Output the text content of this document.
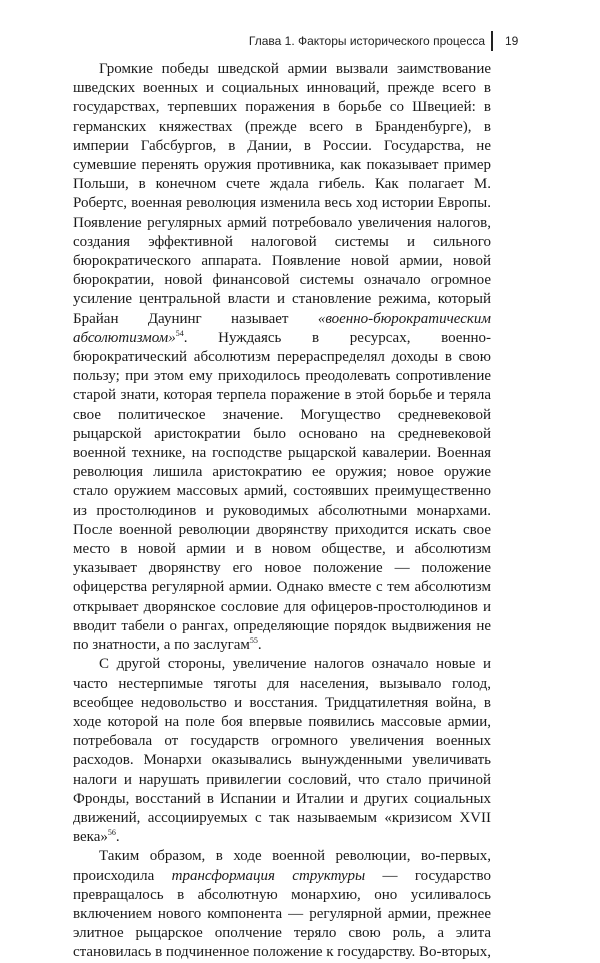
Глава 1. Факторы исторического процесса 19

Громкие победы шведской армии вызвали заимствование шведских военных и социальных инноваций, прежде всего в государствах, терпевших поражения в борьбе со Швецией: в германских княжествах (прежде всего в Бранденбурге), в империи Габсбургов, в Дании, в России. Государства, не сумевшие перенять оружия противника, как показывает пример Польши, в конечном счете ждала гибель. Как полагает М. Робертс, военная революция изменила весь ход истории Европы. Появление регулярных армий потребовало увеличения налогов, создания эффективной налоговой системы и сильного бюрократического аппарата. Появление новой армии, новой бюрократии, новой финансовой системы означало огромное усиление центральной власти и становление режима, который Брайан Даунинг называет «военно-бюрократическим абсолютизмом»$^{54}$. Нуждаясь в ресурсах, военно-бюрократический абсолютизм перераспределял доходы в свою пользу; при этом ему приходилось преодолевать сопротивление старой знати, которая терпела поражение в этой борьбе и теряла свое политическое значение. Могущество средневековой рыцарской аристократии было основано на средневековой военной технике, на господстве рыцарской кавалерии. Военная революция лишила аристократию ее оружия; новое оружие стало оружием массовых армий, состоявших преимущественно из простолюдинов и руководимых абсолютными монархами. После военной революции дворянству приходится искать свое место в новой армии и в новом обществе, и абсолютизм указывает дворянству его новое положение — положение офицерства регулярной армии. Однако вместе с тем абсолютизм открывает дворянское сословие для офицеров-простолюдинов и вводит табели о рангах, определяющие порядок выдвижения не по знатности, а по заслугам$^{55}$.

С другой стороны, увеличение налогов означало новые и часто нестерпимые тяготы для населения, вызывало голод, всеобщее недовольство и восстания. Тридцатилетняя война, в ходе которой на поле боя впервые появились массовые армии, потребовала от государств огромного увеличения военных расходов. Монархи оказывались вынужденными увеличивать налоги и нарушать привилегии сословий, что стало причиной Фронды, восстаний в Испании и Италии и других социальных движений, ассоциируемых с так называемым «кризисом XVII века»$^{56}$.

Таким образом, в ходе военной революции, во-первых, происходила трансформация структуры — государство превращалось в абсолютную монархию, оно усиливалось включением нового компонента — регулярной армии, прежнее элитное рыцарское ополчение теряло свою роль, а элита становилась в подчиненное положение к государству. Во-вторых,
